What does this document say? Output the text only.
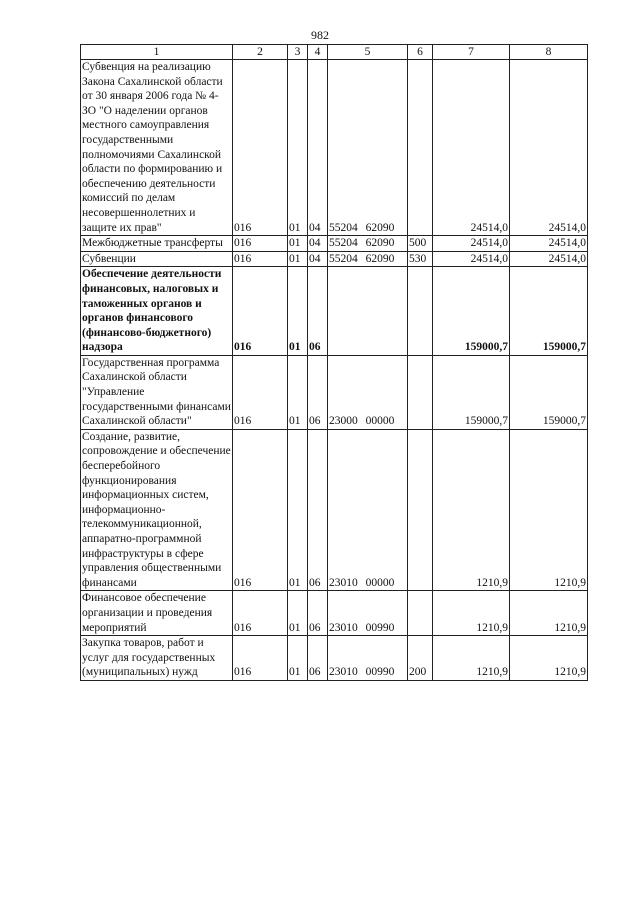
982
1	2	3	4	5	6	7	8
Субвенция на реализацию Закона Сахалинской области от 30 января 2006 года № 4-ЗО "О наделении органов местного самоуправления государственными полномочиями Сахалинской области по формированию и обеспечению деятельности комиссий по делам несовершеннолетних и защите их прав"	016	01	04	55204 62090		24514,0	24514,0
Межбюджетные трансферты	016	01	04	55204 62090	500	24514,0	24514,0
Субвенции	016	01	04	55204 62090	530	24514,0	24514,0
Обеспечение деятельности финансовых, налоговых и таможенных органов и органов финансового (финансово-бюджетного) надзора	016	01	06			159000,7	159000,7
Государственная программа Сахалинской области "Управление государственными финансами Сахалинской области"	016	01	06	23000 00000		159000,7	159000,7
Создание, развитие, сопровождение и обеспечение бесперебойного функционирования информационных систем, информационно-телекоммуникационной, аппаратно-программной инфраструктуры в сфере управления общественными финансами	016	01	06	23010 00000		1210,9	1210,9
Финансовое обеспечение организации и проведения мероприятий	016	01	06	23010 00990		1210,9	1210,9
Закупка товаров, работ и услуг для государственных (муниципальных) нужд	016	01	06	23010 00990	200	1210,9	1210,9
